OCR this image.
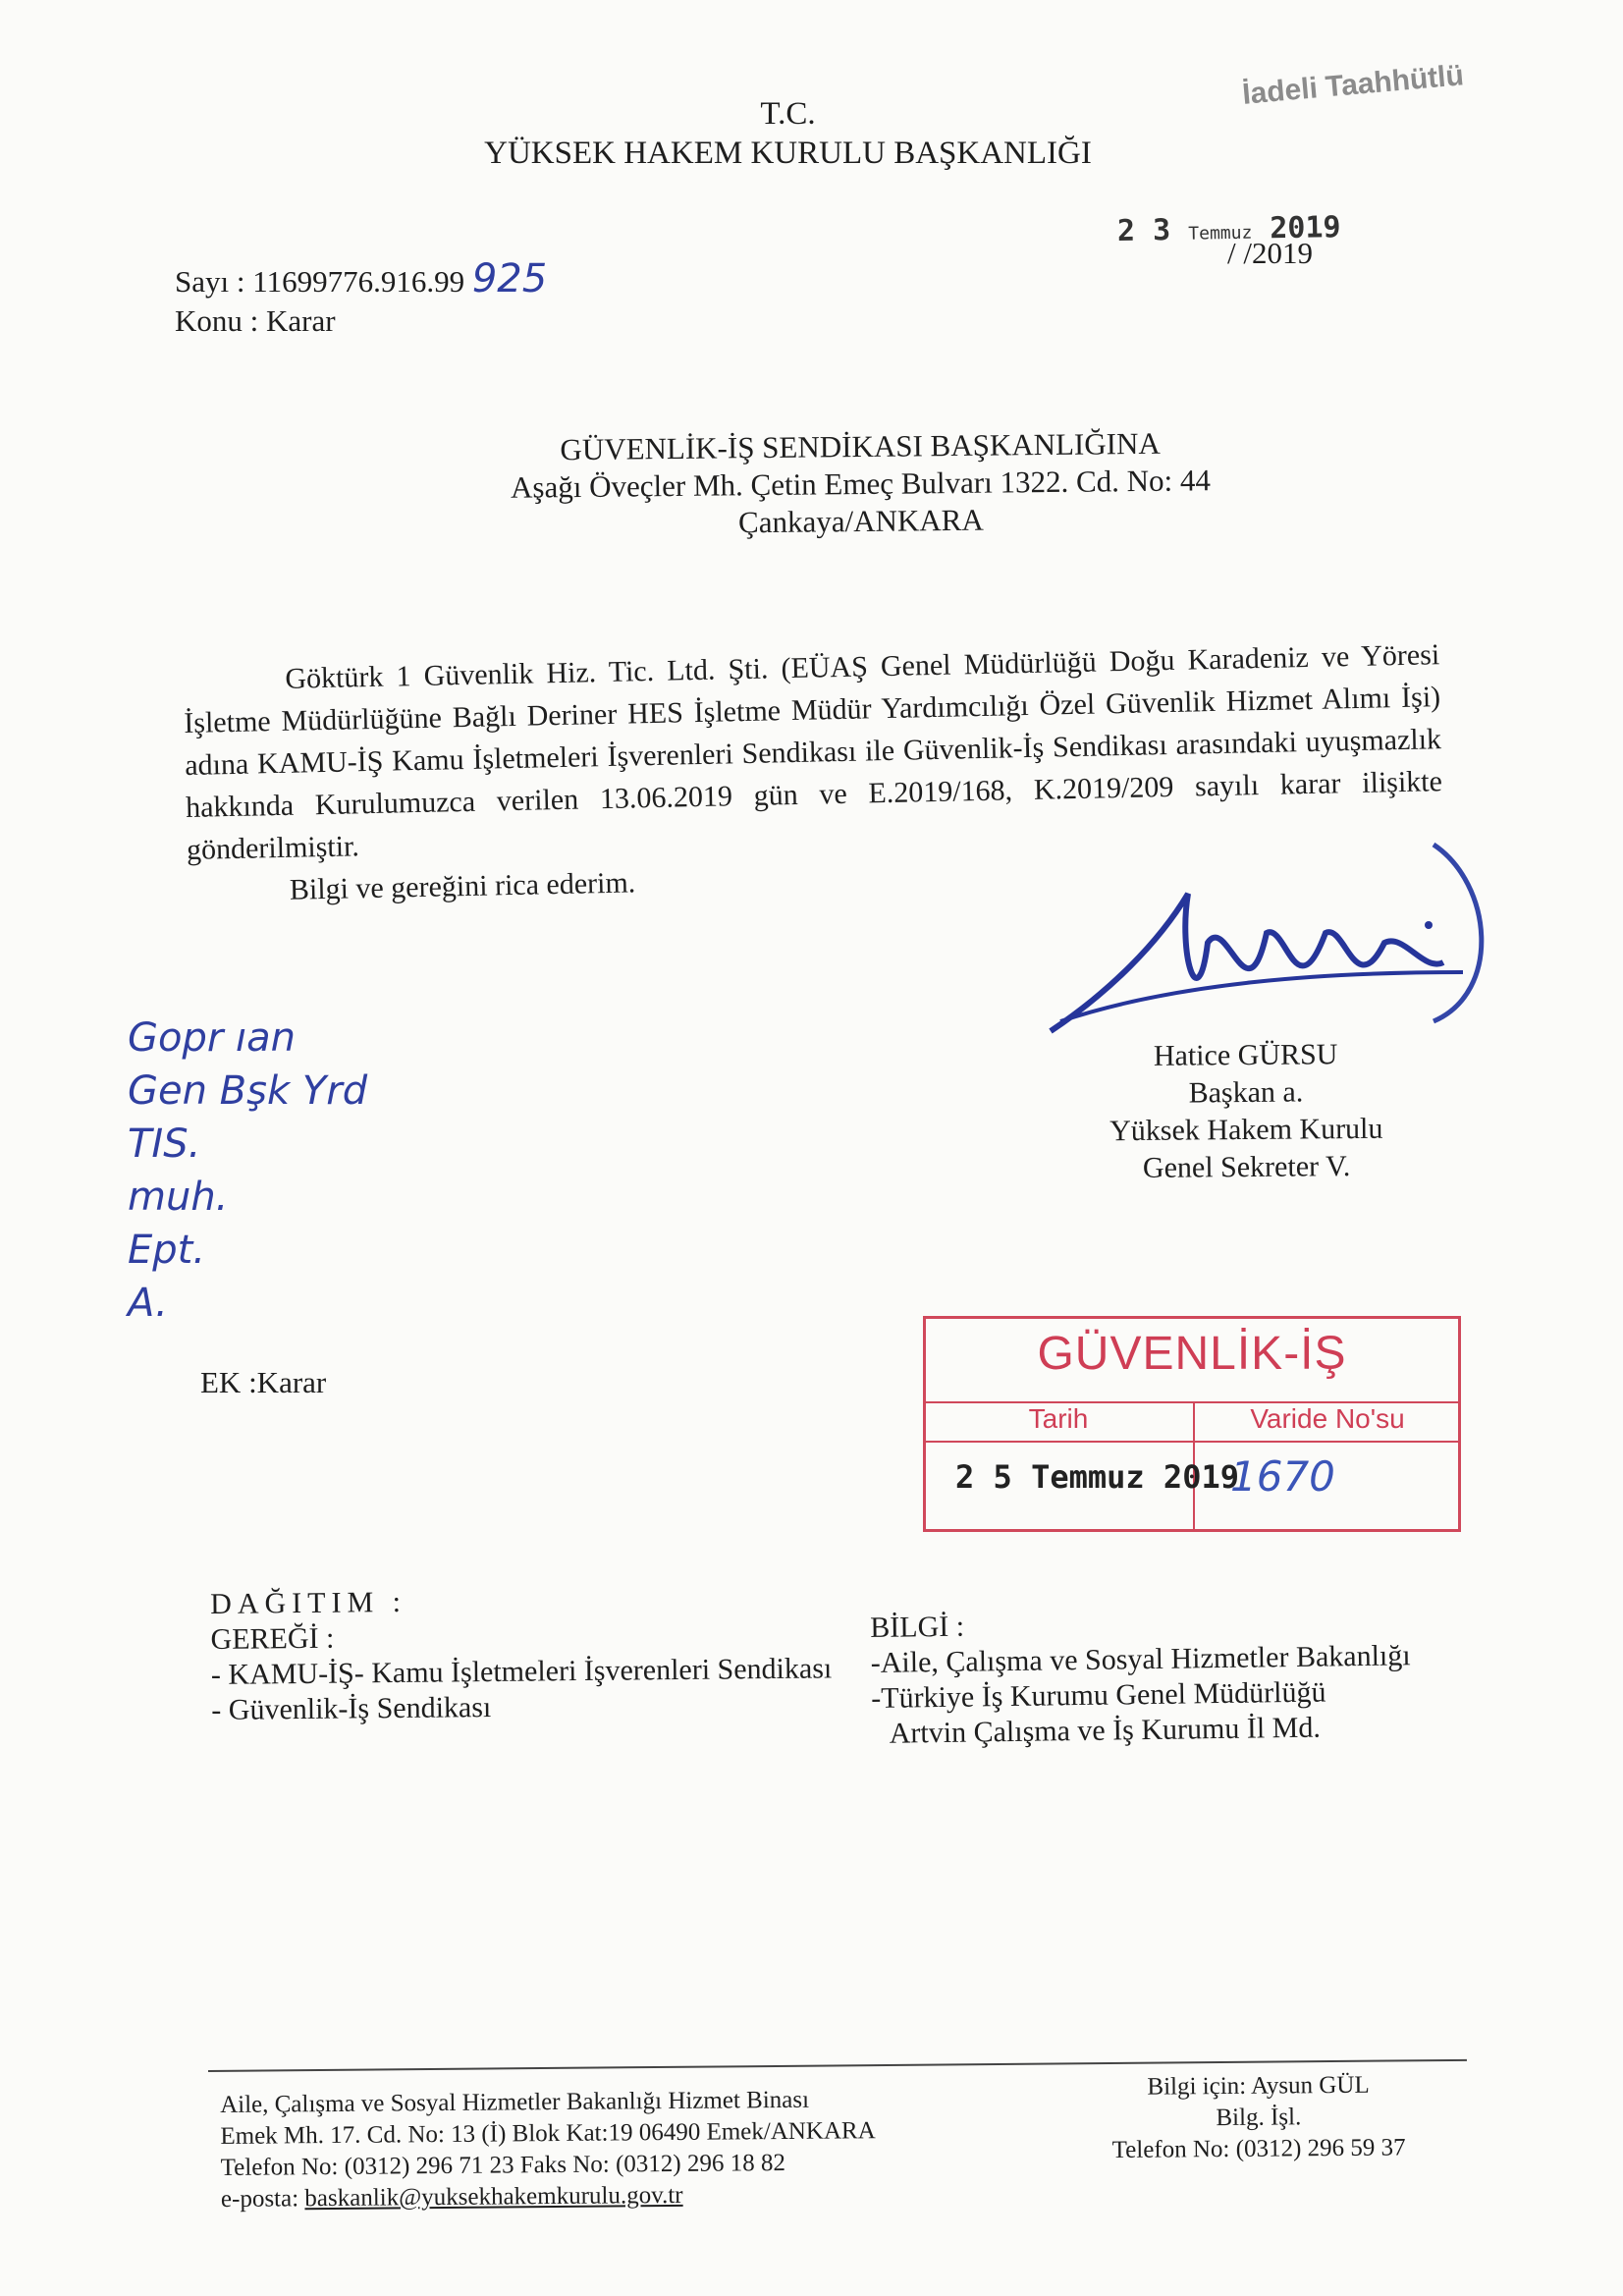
İadeli Taahhütlü
T.C.
YÜKSEK HAKEM KURULU BAŞKANLIĞI
2 3 Temmuz 2019
/ /2019
Sayı : 11699776.916.99 925
Konu : Karar
GÜVENLİK-İŞ SENDİKASI BAŞKANLIĞINA
Aşağı Öveçler Mh. Çetin Emeç Bulvarı 1322. Cd. No: 44
Çankaya/ANKARA

Göktürk 1 Güvenlik Hiz. Tic. Ltd. Şti. (EÜAŞ Genel Müdürlüğü Doğu Karadeniz ve Yöresi İşletme Müdürlüğüne Bağlı Deriner HES İşletme Müdür Yardımcılığı Özel Güvenlik Hizmet Alımı İşi) adına KAMU-İŞ Kamu İşletmeleri İşverenleri Sendikası ile Güvenlik-İş Sendikası arasındaki uyuşmazlık hakkında Kurulumuzca verilen 13.06.2019 gün ve E.2019/168, K.2019/209 sayılı karar ilişikte gönderilmiştir.

Bilgi ve gereğini rica ederim.

Hatice GÜRSU
Başkan a.
Yüksek Hakem Kurulu
Genel Sekreter V.
Gopr ıan
Gen Bşk Yrd
TIS.
muh.
Ept.
A.
EK :Karar
GÜVENLİK-İŞ
Tarih	Varide No'su
2 5 Temmuz 2019
1670
DAĞITIM :
GEREĞİ :
- KAMU-İŞ- Kamu İşletmeleri İşverenleri Sendikası
- Güvenlik-İş Sendikası
BİLGİ :
-Aile, Çalışma ve Sosyal Hizmetler Bakanlığı
-Türkiye İş Kurumu Genel Müdürlüğü
Artvin Çalışma ve İş Kurumu İl Md.
Aile, Çalışma ve Sosyal Hizmetler Bakanlığı Hizmet Binası
Emek Mh. 17. Cd. No: 13 (İ) Blok Kat:19 06490 Emek/ANKARA
Telefon No: (0312) 296 71 23 Faks No: (0312) 296 18 82
e-posta: baskanlik@yuksekhakemkurulu.gov.tr
Bilgi için: Aysun GÜL
Bilg. İşl.
Telefon No: (0312) 296 59 37
